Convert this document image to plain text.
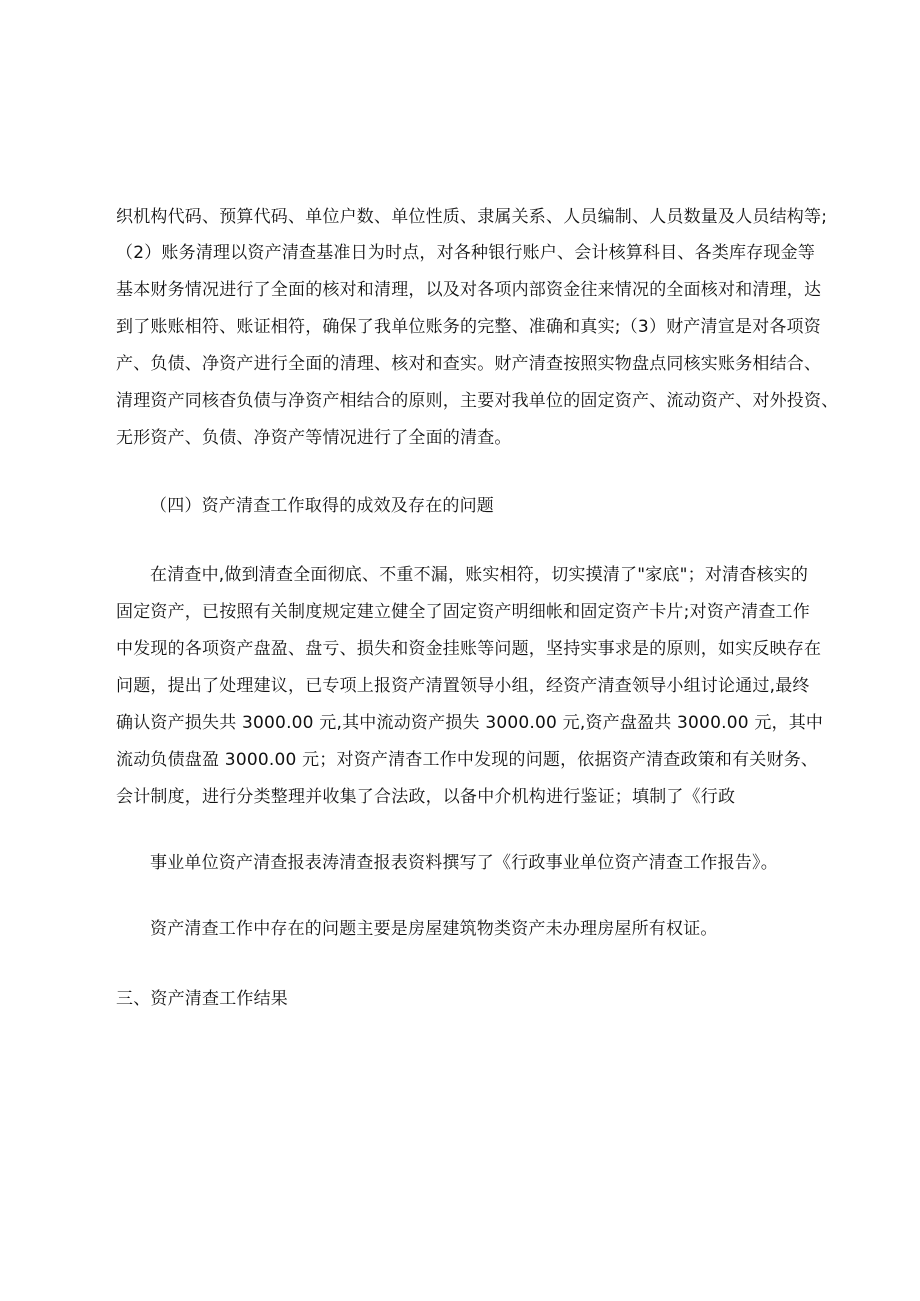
织机构代码、预算代码、单位户数、单位性质、隶属关系、人员编制、人员数量及人员结构等;
（2）账务清理以资产清查基准日为时点，对各种银行账户、会计核算科目、各类库存现金等
基本财务情况进行了全面的核对和清理，以及对各项内部资金往来情况的全面核对和清理，达
到了账账相符、账证相符，确保了我单位账务的完整、准确和真实;（3）财产清宣是对各项资
产、负债、净资产进行全面的清理、核对和查实。财产清查按照实物盘点同核实账务相结合、
清理资产同核杳负债与净资产相结合的原则，主要对我单位的固定资产、流动资产、对外投资、
无形资产、负债、净资产等情况进行了全面的清查。
（四）资产清查工作取得的成效及存在的问题
在清查中,做到清查全面彻底、不重不漏，账实相符，切实摸清了"家底"；对清杳核实的
固定资产，已按照有关制度规定建立健全了固定资产明细帐和固定资产卡片;对资产清查工作
中发现的各项资产盘盈、盘亏、损失和资金挂账等问题，坚持实事求是的原则，如实反映存在
问题，提出了处理建议，已专项上报资产清置领导小组，经资产清查领导小组讨论通过,最终
确认资产损失共 3000.00 元,其中流动资产损失 3000.00 元,资产盘盈共 3000.00 元，其中
流动负债盘盈 3000.00 元；对资产清杳工作中发现的问题，依据资产清查政策和有关财务、
会计制度，进行分类整理并收集了合法政，以备中介机构进行鉴证；填制了《行政
事业单位资产清查报表涛清查报表资料撰写了《行政事业单位资产清查工作报告》。
资产清查工作中存在的问题主要是房屋建筑物类资产未办理房屋所有权证。
三、资产清查工作结果
